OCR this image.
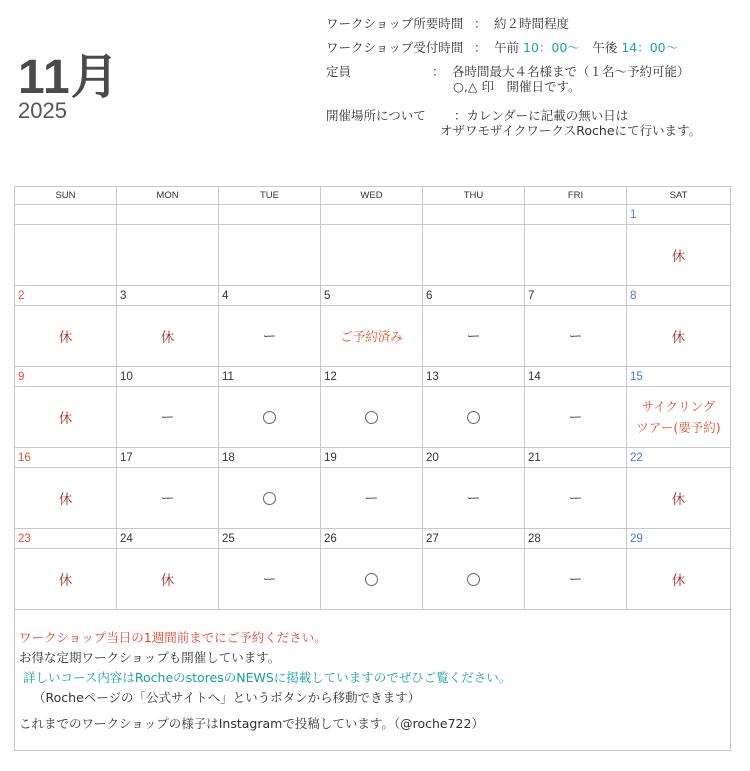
11月
2025
ワークショップ所要時間 ： 約２時間程度
ワークショップ受付時間 ： 午前 10：00〜　 午後 14：00〜
定員	： 各時間最大４名様まで（１名〜予約可能）
○,△ 印　開催日です。
開催場所について ：カレンダーに記載の無い日は
オザワモザイクワークスRocheにて行います。
SUN	MON	TUE	WED	THU	FRI	SAT
						1
						休
2	3	4	5	6	7	8
休	休	ー	ご予約済み	ー	ー	休
9	10	11	12	13	14	15
休	ー				ー	サイクリング
ツアー(要予約)
16	17	18	19	20	21	22
休	ー		ー	ー	ー	休
23	24	25	26	27	28	29
休	休	ー			ー	休

ワークショップ当日の1週間前までにご予約ください。
お得な定期ワークショップも開催しています。
詳しいコース内容はRocheのstoresのNEWSに掲載していますのでぜひご覧ください。
（Rocheページの「公式サイトへ」というボタンから移動できます）
これまでのワークショップの様子はInstagramで投稿しています。（@roche722）						
